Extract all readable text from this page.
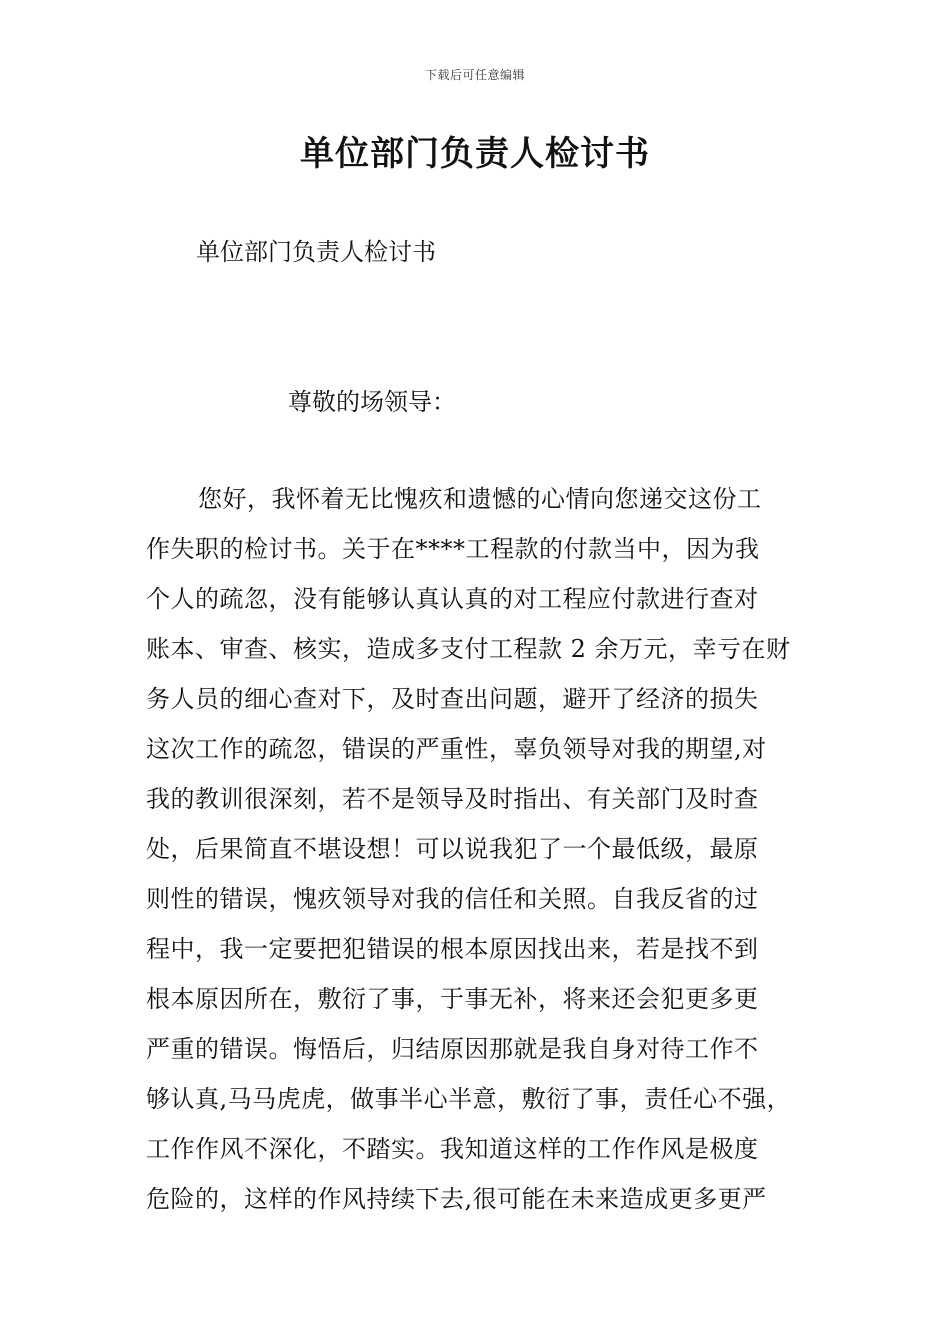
下载后可任意编辑
单位部门负责人检讨书
单位部门负责人检讨书
尊敬的场领导：
您好，我怀着无比愧疚和遗憾的心情向您递交这份工
作失职的检讨书。关于在****工程款的付款当中，因为我
个人的疏忽，没有能够认真认真的对工程应付款进行查对
账本、审查、核实，造成多支付工程款 2 余万元，幸亏在财
务人员的细心查对下，及时查出问题，避开了经济的损失
这次工作的疏忽，错误的严重性，辜负领导对我的期望,对
我的教训很深刻，若不是领导及时指出、有关部门及时查
处，后果简直不堪设想！可以说我犯了一个最低级，最原
则性的错误，愧疚领导对我的信任和关照。自我反省的过
程中，我一定要把犯错误的根本原因找出来，若是找不到
根本原因所在，敷衍了事，于事无补，将来还会犯更多更
严重的错误。悔悟后，归结原因那就是我自身对待工作不
够认真,马马虎虎，做事半心半意，敷衍了事，责任心不强，
工作作风不深化，不踏实。我知道这样的工作作风是极度
危险的，这样的作风持续下去,很可能在未来造成更多更严
